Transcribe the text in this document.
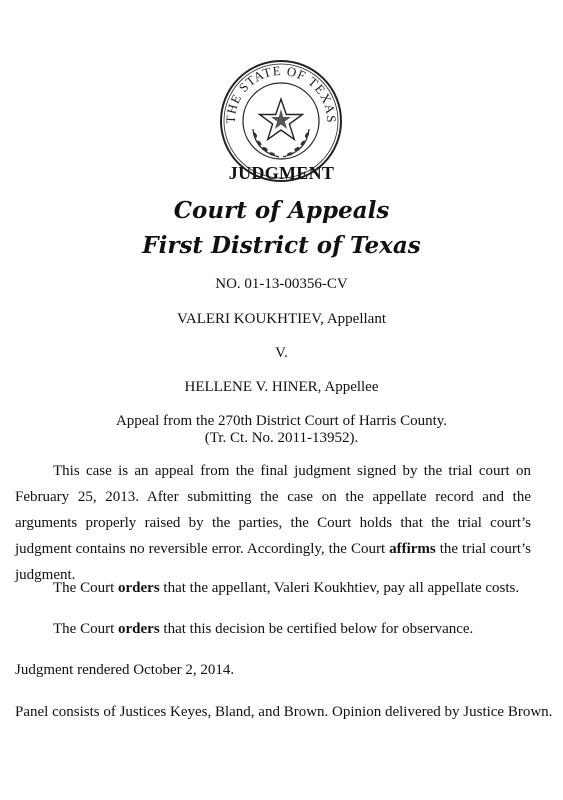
THE STATE OF TEXAS
JUDGMENT
Court of Appeals
First District of Texas
NO. 01-13-00356-CV
VALERI KOUKHTIEV, Appellant
V.
HELLENE V. HINER, Appellee
Appeal from the 270th District Court of Harris County.
(Tr. Ct. No. 2011-13952).
This case is an appeal from the final judgment signed by the trial court on February 25, 2013. After submitting the case on the appellate record and the arguments properly raised by the parties, the Court holds that the trial court’s judgment contains no reversible error. Accordingly, the Court affirms the trial court’s judgment.
The Court orders that the appellant, Valeri Koukhtiev, pay all appellate costs.
The Court orders that this decision be certified below for observance.
Judgment rendered October 2, 2014.
Panel consists of Justices Keyes, Bland, and Brown. Opinion delivered by Justice Brown.
